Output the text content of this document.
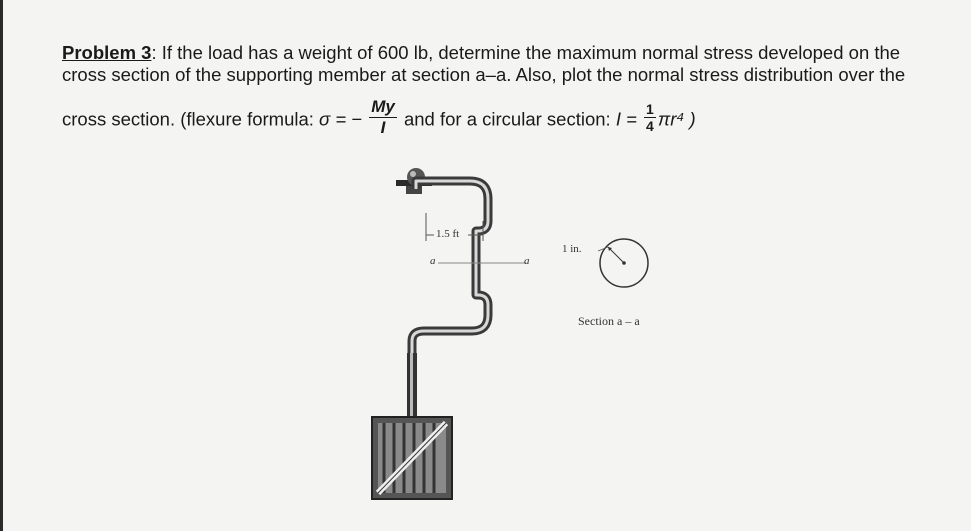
Problem 3: If the load has a weight of 600 lb, determine the maximum normal stress developed on the
cross section of the supporting member at section a–a. Also, plot the normal stress distribution over the
cross section. (flexure formula: σ = − $\frac{My}{I}$ and for a circular section: $I = \frac{1}{4} \pi r^4$ )
1.5 ft
a	a
1 in.
Section a – a
